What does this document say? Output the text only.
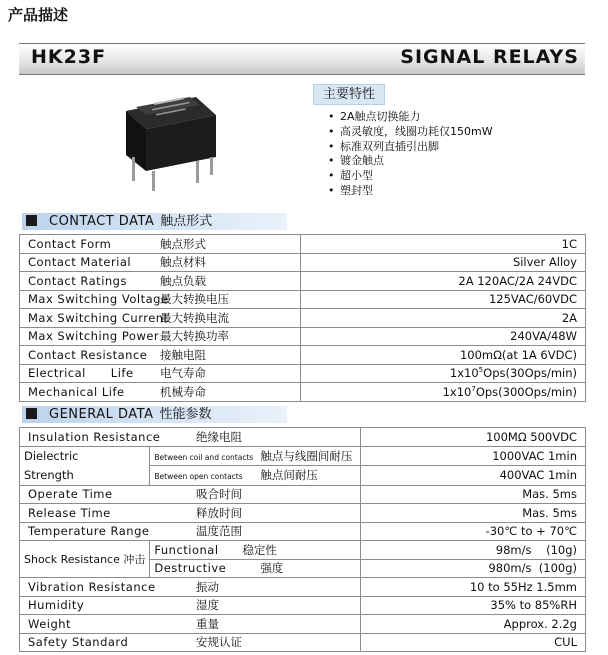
产品描述
HK23F	SIGNAL RELAYS
主要特性
• 2A触点切换能力
• 高灵敏度，线圈功耗仅150mW
• 标准双列直插引出脚
• 镀金触点
• 超小型
• 塑封型
CONTACT DATA 触点形式
Contact Form 触点形式	1C
Contact Material 触点材料	Silver Alloy
Contact Ratings 触点负载	2A 120AC/2A 24VDC
Max Switching Voltage最大转换电压	125VAC/60VDC
Max Switching Current最大转换电流	2A
Max Switching Power最大转换功率	240VA/48W
Contact Resistance 接触电阻	100mΩ(at 1A 6VDC)
Electrical      Life 电气寿命	$1x10^5Ops(30Ops/\min)$
Mechanical Life 机械寿命	$1x10^7Ops(300Ops/\min)$
GENERAL DATA 性能参数
Insulation Resistance 绝缘电阻		100MΩ 500VDC

Dielectric
Strength	Between coil and contacts 触点与线圈间耐压	1000VAC 1min
	Between open contacts 触点间耐压	400VAC 1min
Operate Time 吸合时间		Mas. 5ms
Release Time 释放时间		Mas. 5ms
Temperature Range 温度范围		-30℃ to + 70℃
Shock Resistance 冲击	Functional 稳定性	98m/s    (10g)
	Destructive 强度	980m/s  (100g)
Vibration Resistance 振动		10 to 55Hz 1.5mm
Humidity 湿度		35% to 85%RH
Weight 重量		Approx. 2.2g
Safety Standard 安规认证		CUL
